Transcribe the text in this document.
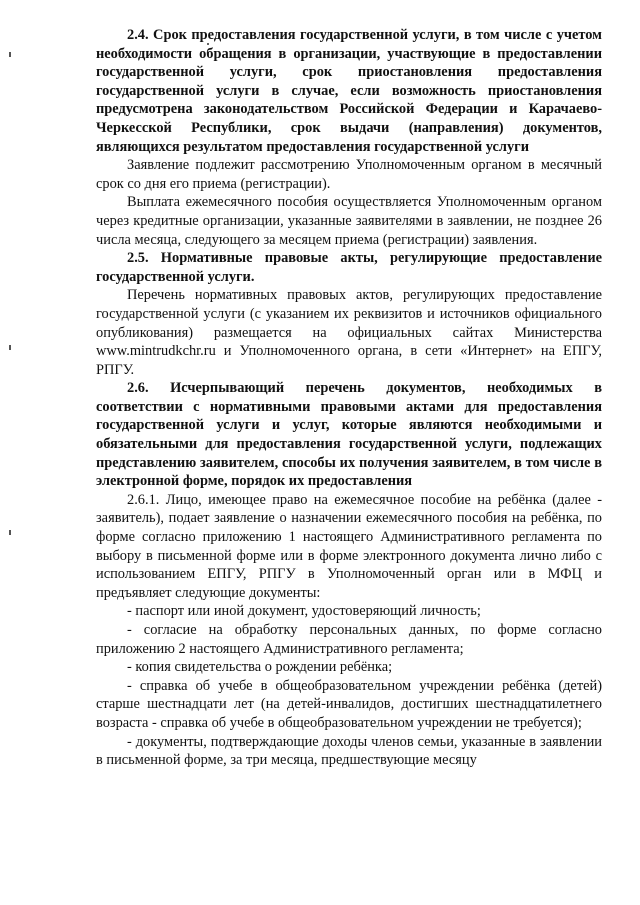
2.4. Срок предоставления государственной услуги, в том числе с учетом необходимости обращения в организации, участвующие в предоставлении государственной услуги, срок приостановления предоставления государственной услуги в случае, если возможность приостановления предусмотрена законодательством Российской Федерации и Карачаево-Черкесской Республики, срок выдачи (направления) документов, являющихся результатом предоставления государственной услуги

Заявление подлежит рассмотрению Уполномоченным органом в месячный срок со дня его приема (регистрации).

Выплата ежемесячного пособия осуществляется Уполномоченным органом через кредитные организации, указанные заявителями в заявлении, не позднее 26 числа месяца, следующего за месяцем приема (регистрации) заявления.

2.5. Нормативные правовые акты, регулирующие предоставление государственной услуги.

Перечень нормативных правовых актов, регулирующих предоставление государственной услуги (с указанием их реквизитов и источников официального опубликования) размещается на официальных сайтах Министерства www.mintrudkchr.ru и Уполномоченного органа, в сети «Интернет» на ЕПГУ, РПГУ.

2.6. Исчерпывающий перечень документов, необходимых в соответствии с нормативными правовыми актами для предоставления государственной услуги и услуг, которые являются необходимыми и обязательными для предоставления государственной услуги, подлежащих представлению заявителем, способы их получения заявителем, в том числе в электронной форме, порядок их предоставления

2.6.1. Лицо, имеющее право на ежемесячное пособие на ребёнка (далее - заявитель), подает заявление о назначении ежемесячного пособия на ребёнка, по форме согласно приложению 1 настоящего Административного регламента по выбору в письменной форме или в форме электронного документа лично либо с использованием ЕПГУ, РПГУ в Уполномоченный орган или в МФЦ и предъявляет следующие документы:

- паспорт или иной документ, удостоверяющий личность;

- согласие на обработку персональных данных, по форме согласно приложению 2 настоящего Административного регламента;

- копия свидетельства о рождении ребёнка;

- справка об учебе в общеобразовательном учреждении ребёнка (детей) старше шестнадцати лет (на детей-инвалидов, достигших шестнадцатилетнего возраста - справка об учебе в общеобразовательном учреждении не требуется);

- документы, подтверждающие доходы членов семьи, указанные в заявлении в письменной форме, за три месяца, предшествующие месяцу
